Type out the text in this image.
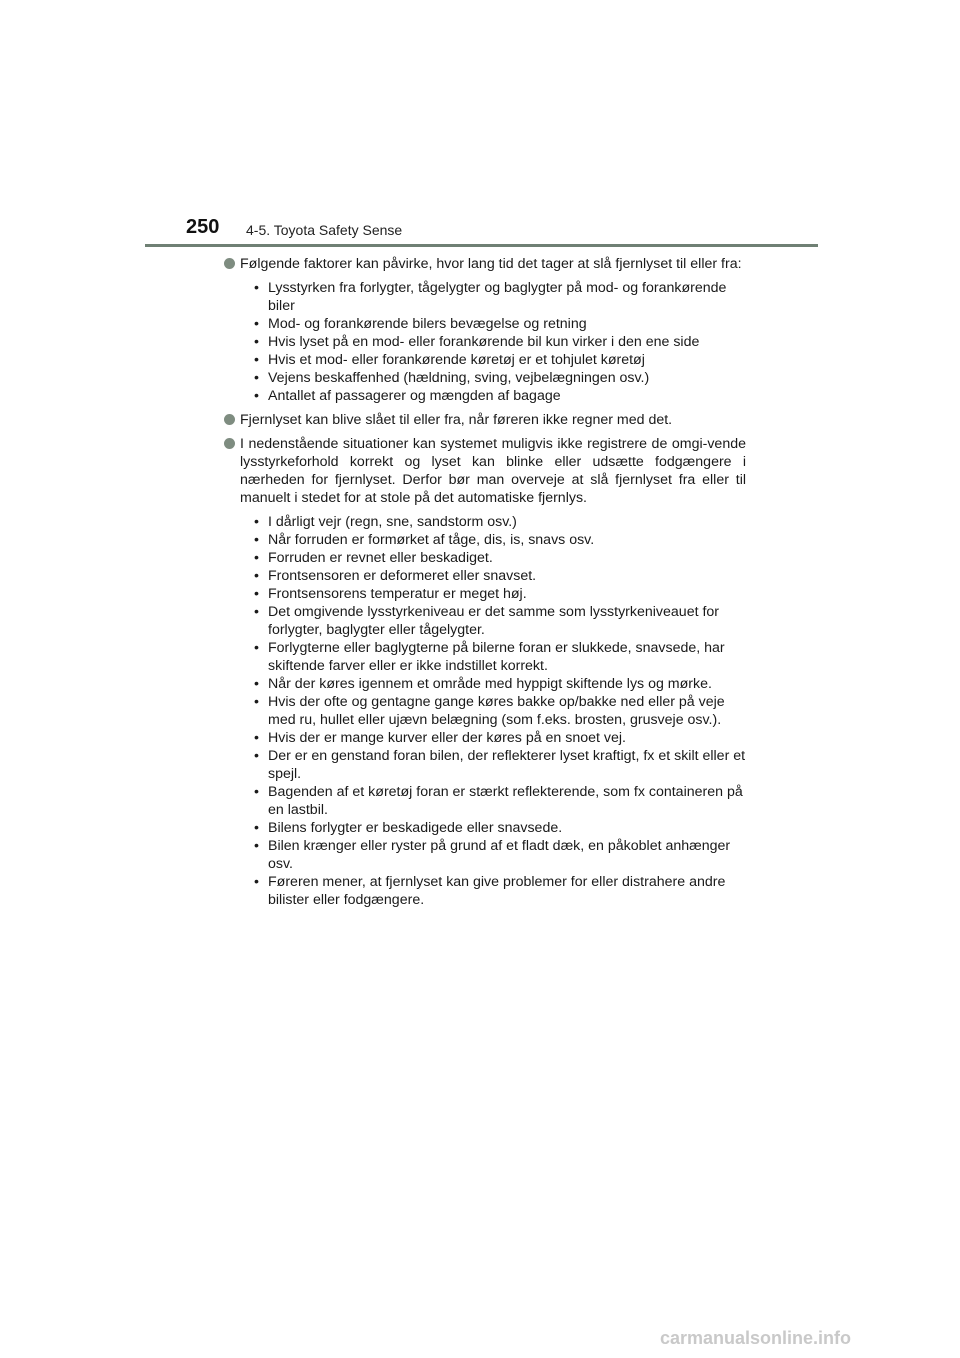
250 4-5. Toyota Safety Sense
Følgende faktorer kan påvirke, hvor lang tid det tager at slå fjernlyset til eller fra:
• Lysstyrken fra forlygter, tågelygter og baglygter på mod- og forankørende biler
• Mod- og forankørende bilers bevægelse og retning
• Hvis lyset på en mod- eller forankørende bil kun virker i den ene side
• Hvis et mod- eller forankørende køretøj er et tohjulet køretøj
• Vejens beskaffenhed (hældning, sving, vejbelægningen osv.)
• Antallet af passagerer og mængden af bagage
Fjernlyset kan blive slået til eller fra, når føreren ikke regner med det.
I nedenstående situationer kan systemet muligvis ikke registrere de omgi-vende lysstyrkeforhold korrekt og lyset kan blinke eller udsætte fodgængere i nærheden for fjernlyset. Derfor bør man overveje at slå fjernlyset fra eller til manuelt i stedet for at stole på det automatiske fjernlys.
• I dårligt vejr (regn, sne, sandstorm osv.)
• Når forruden er formørket af tåge, dis, is, snavs osv.
• Forruden er revnet eller beskadiget.
• Frontsensoren er deformeret eller snavset.
• Frontsensorens temperatur er meget høj.
• Det omgivende lysstyrkeniveau er det samme som lysstyrkeniveauet for forlygter, baglygter eller tågelygter.
• Forlygterne eller baglygterne på bilerne foran er slukkede, snavsede, har skiftende farver eller er ikke indstillet korrekt.
• Når der køres igennem et område med hyppigt skiftende lys og mørke.
• Hvis der ofte og gentagne gange køres bakke op/bakke ned eller på veje med ru, hullet eller ujævn belægning (som f.eks. brosten, grusveje osv.).
• Hvis der er mange kurver eller der køres på en snoet vej.
• Der er en genstand foran bilen, der reflekterer lyset kraftigt, fx et skilt eller et spejl.
• Bagenden af et køretøj foran er stærkt reflekterende, som fx containeren på en lastbil.
• Bilens forlygter er beskadigede eller snavsede.
• Bilen krænger eller ryster på grund af et fladt dæk, en påkoblet anhænger osv.
• Føreren mener, at fjernlyset kan give problemer for eller distrahere andre bilister eller fodgængere.
carmanualsonline.info
